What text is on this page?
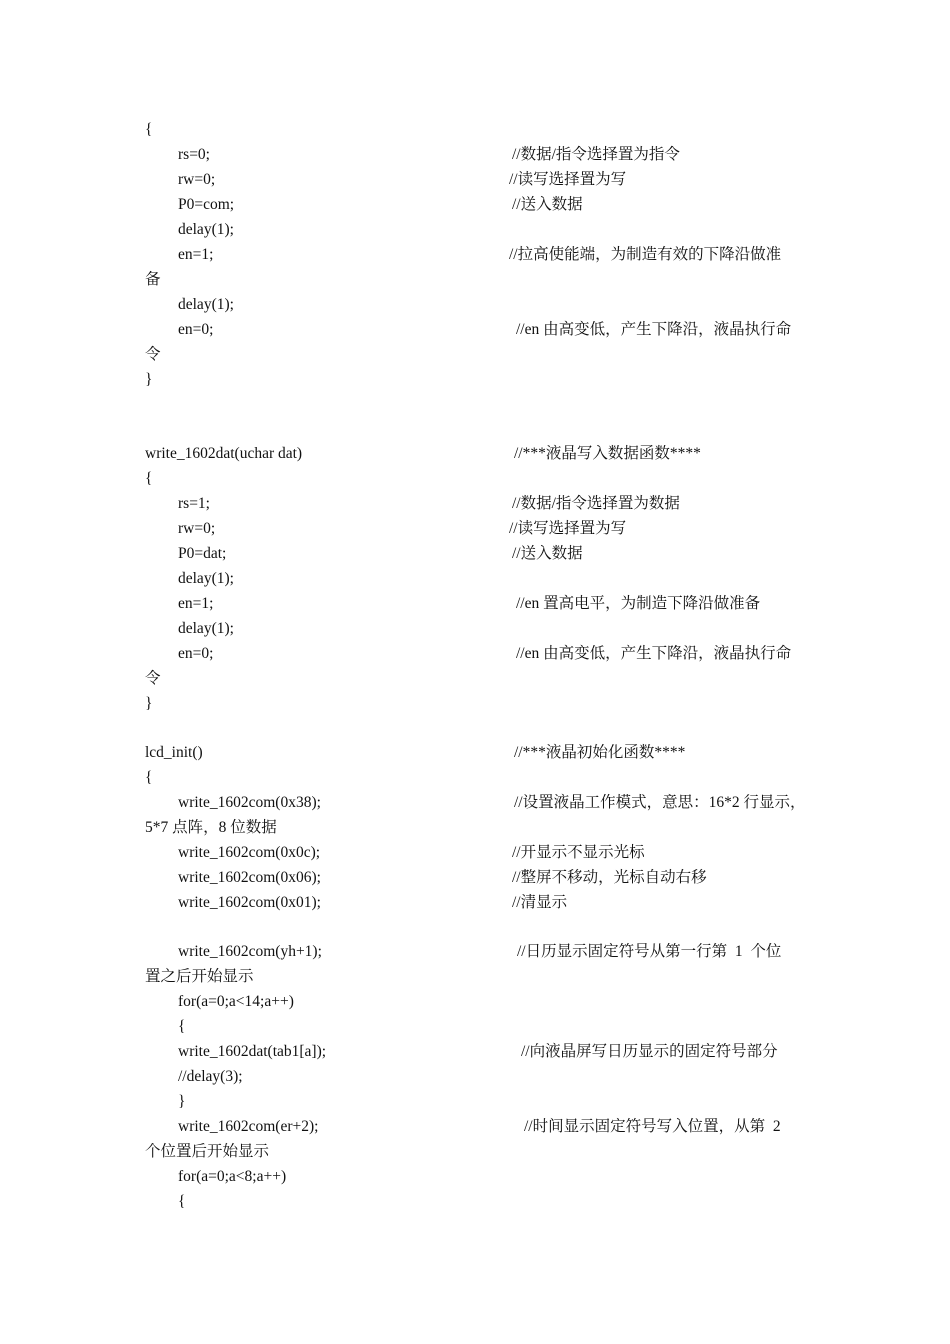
{
rs=0;	//数据/指令选择置为指令
rw=0;	//读写选择置为写
P0=com;	//送入数据
delay(1);
en=1;	//拉高使能端，为制造有效的下降沿做准
备
delay(1);
en=0;	//en 由高变低，产生下降沿，液晶执行命
令
}
write_1602dat(uchar dat)	//***液晶写入数据函数****
{
rs=1;	//数据/指令选择置为数据
rw=0;	//读写选择置为写
P0=dat;	//送入数据
delay(1);
en=1;	//en 置高电平，为制造下降沿做准备
delay(1);
en=0;	//en 由高变低，产生下降沿，液晶执行命
令
}
lcd_init()	//***液晶初始化函数****
{
write_1602com(0x38);	//设置液晶工作模式，意思：16*2 行显示，
5*7 点阵，8 位数据
write_1602com(0x0c);	//开显示不显示光标
write_1602com(0x06);	//整屏不移动，光标自动右移
write_1602com(0x01);	//清显示
write_1602com(yh+1);	//日历显示固定符号从第一行第  1  个位
置之后开始显示
for(a=0;a<14;a++)
{
write_1602dat(tab1[a]);	//向液晶屏写日历显示的固定符号部分
//delay(3);
}
write_1602com(er+2);	//时间显示固定符号写入位置，从第  2
个位置后开始显示
for(a=0;a<8;a++)
{
